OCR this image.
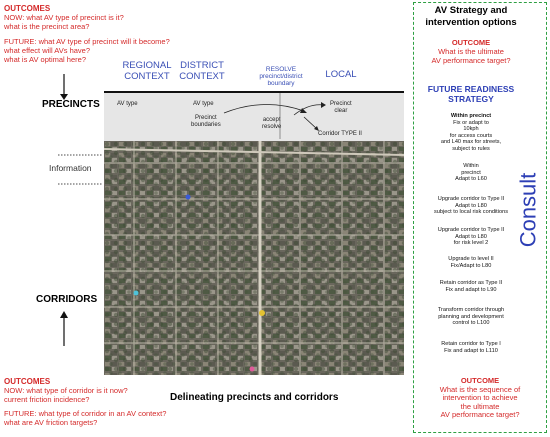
OUTCOMES
NOW: what AV type of precinct is it?
what is the precinct area?
FUTURE: what AV type of precinct will it become?
what effect will AVs have?
what is AV optimal here?
REGIONAL
CONTEXT
DISTRICT
CONTEXT
RESOLVE
precinct/district
boundary
LOCAL
PRECINCTS
Information
CORRIDORS
AV type	AV type
Precinct
boundaries
accept
resolve
Precinct
clear
Corridor TYPE II
OUTCOMES
NOW: what type of corridor is it now?
current friction incidence?
FUTURE: what type of corridor in an AV context?
what are AV friction targets?
Delineating precincts and corridors
AV Strategy and
intervention options
OUTCOME
What is the ultimate
AV performance target?
FUTURE READINESS
STRATEGY
Within precinct
Fix or adapt to
10kph
for access courts
and L40 max for streets,
subject to rules
Within
precinct
Adapt to L60
Upgrade corridor to Type II
Adapt to L80
subject to local risk conditions
Upgrade corridor to Type II
Adapt to L80
for risk level 2
Upgrade to level II
Fix/Adapt to L80
Retain corridor as Type II
Fix and adapt to L90
Transform corridor through
planning and development
control to L100
Retain corridor to Type I
Fix and adapt to L110
OUTCOME
What is the sequence of
intervention to achieve
the ultimate
AV performance target?
Consult
